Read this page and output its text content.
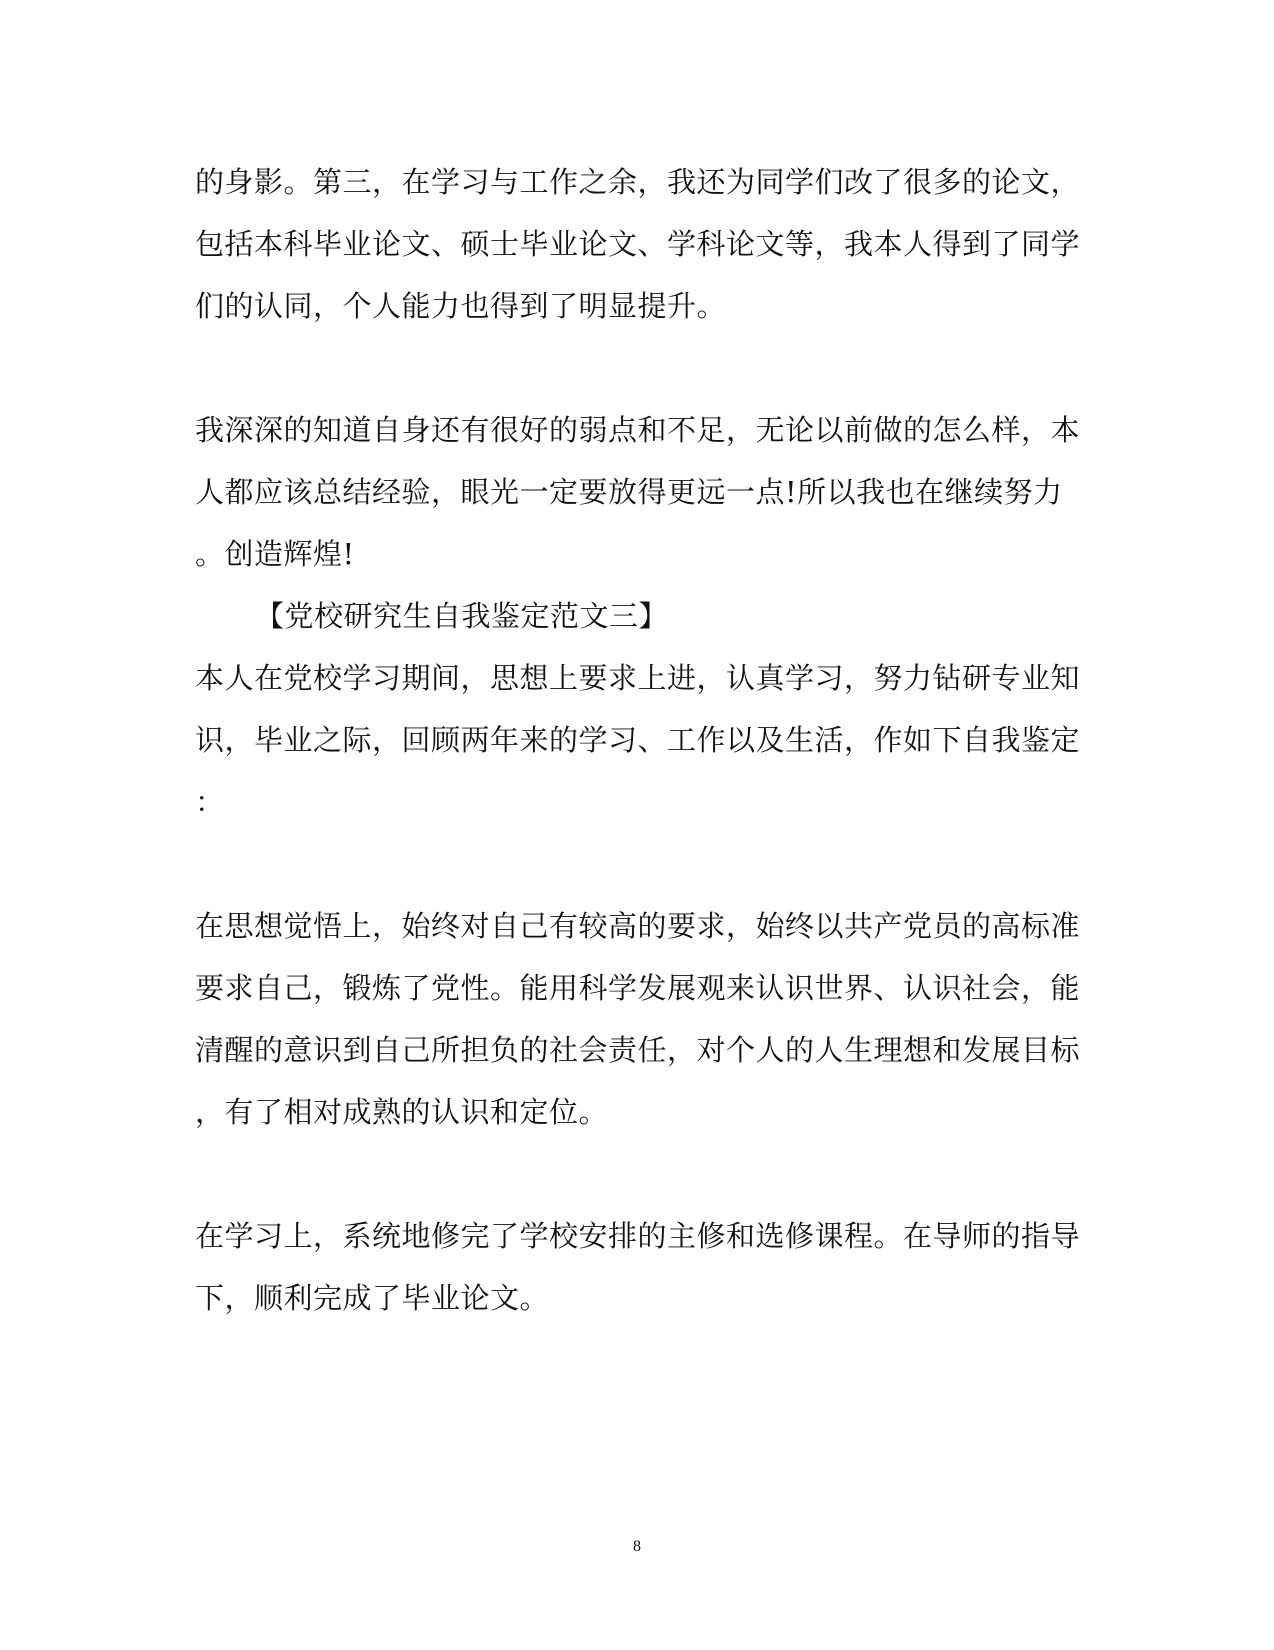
的身影。第三，在学习与工作之余，我还为同学们改了很多的论文，
包括本科毕业论文、硕士毕业论文、学科论文等，我本人得到了同学
们的认同，个人能力也得到了明显提升。
我深深的知道自身还有很好的弱点和不足，无论以前做的怎么样，本
人都应该总结经验，眼光一定要放得更远一点!所以我也在继续努力
。创造辉煌!
【党校研究生自我鉴定范文三】
本人在党校学习期间，思想上要求上进，认真学习，努力钻研专业知
识，毕业之际，回顾两年来的学习、工作以及生活，作如下自我鉴定
：
在思想觉悟上，始终对自己有较高的要求，始终以共产党员的高标准
要求自己，锻炼了党性。能用科学发展观来认识世界、认识社会，能
清醒的意识到自己所担负的社会责任，对个人的人生理想和发展目标
，有了相对成熟的认识和定位。
在学习上，系统地修完了学校安排的主修和选修课程。在导师的指导
下，顺利完成了毕业论文。
8
